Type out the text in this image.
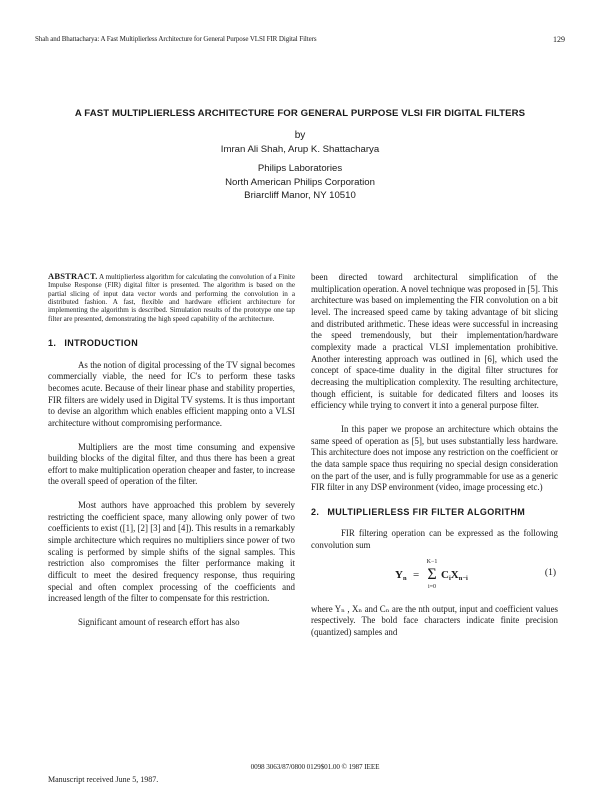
Shah and Bhattacharya: A Fast Multiplierless Architecture for General Purpose VLSI FIR Digital Filters	129
A FAST MULTIPLIERLESS ARCHITECTURE FOR GENERAL PURPOSE VLSI FIR DIGITAL FILTERS
by
Imran Ali Shah, Arup K. Shattacharya
Philips Laboratories
North American Philips Corporation
Briarcliff Manor, NY 10510
ABSTRACT. A multiplierless algorithm for calculating the convolution of a Finite Impulse Response (FIR) digital filter is presented. The algorithm is based on the partial slicing of input data vector words and performing the convolution in a distributed fashion. A fast, flexible and hardware efficient architecture for implementing the algorithm is described. Simulation results of the prototype one tap filter are presented, demonstrating the high speed capability of the architecture.
1. INTRODUCTION

As the notion of digital processing of the TV signal becomes commercially viable, the need for IC's to perform these tasks becomes acute. Because of their linear phase and stability properties, FIR filters are widely used in Digital TV systems. It is thus important to devise an algorithm which enables efficient mapping onto a VLSI architecture without compromising performance.

Multipliers are the most time consuming and expensive building blocks of the digital filter, and thus there has been a great effort to make multiplication operation cheaper and faster, to increase the overall speed of operation of the filter.

Most authors have approached this problem by severely restricting the coefficient space, many allowing only power of two coefficients to exist ([1], [2] [3] and [4]). This results in a remarkably simple architecture which requires no multipliers since power of two scaling is performed by simple shifts of the signal samples. This restriction also compromises the filter performance making it difficult to meet the desired frequency response, thus requiring special and often complex processing of the coefficients and increased length of the filter to compensate for this restriction.

Significant amount of research effort has also

been directed toward architectural simplification of the multiplication operation. A novel technique was proposed in [5]. This architecture was based on implementing the FIR convolution on a bit level. The increased speed came by taking advantage of bit slicing and distributed arithmetic. These ideas were successful in increasing the speed tremendously, but their implementation/hardware complexity made a practical VLSI implementation prohibitive. Another interesting approach was outlined in [6], which used the concept of space-time duality in the digital filter structures for decreasing the multiplication complexity. The resulting architecture, though efficient, is suitable for dedicated filters and looses its efficiency while trying to convert it into a general purpose filter.

In this paper we propose an architecture which obtains the same speed of operation as [5], but uses substantially less hardware. This architecture does not impose any restriction on the coefficient or the data sample space thus requiring no special design consideration on the part of the user, and is fully programmable for use as a generic FIR filter in any DSP environment (video, image processing etc.)

2. MULTIPLIERLESS FIR FILTER ALGORITHM

FIR filtering operation can be expressed as the following convolution sum

Yn =
K−1
Σ
i=0
CiXn−i
(1)

where Yₙ , Xₙ and Cₙ are the nth output, input and coefficient values respectively. The bold face characters indicate finite precision (quantized) samples and

0098 3063/87/0800 0129$01.00 © 1987 IEEE
Manuscript received June 5, 1987.
